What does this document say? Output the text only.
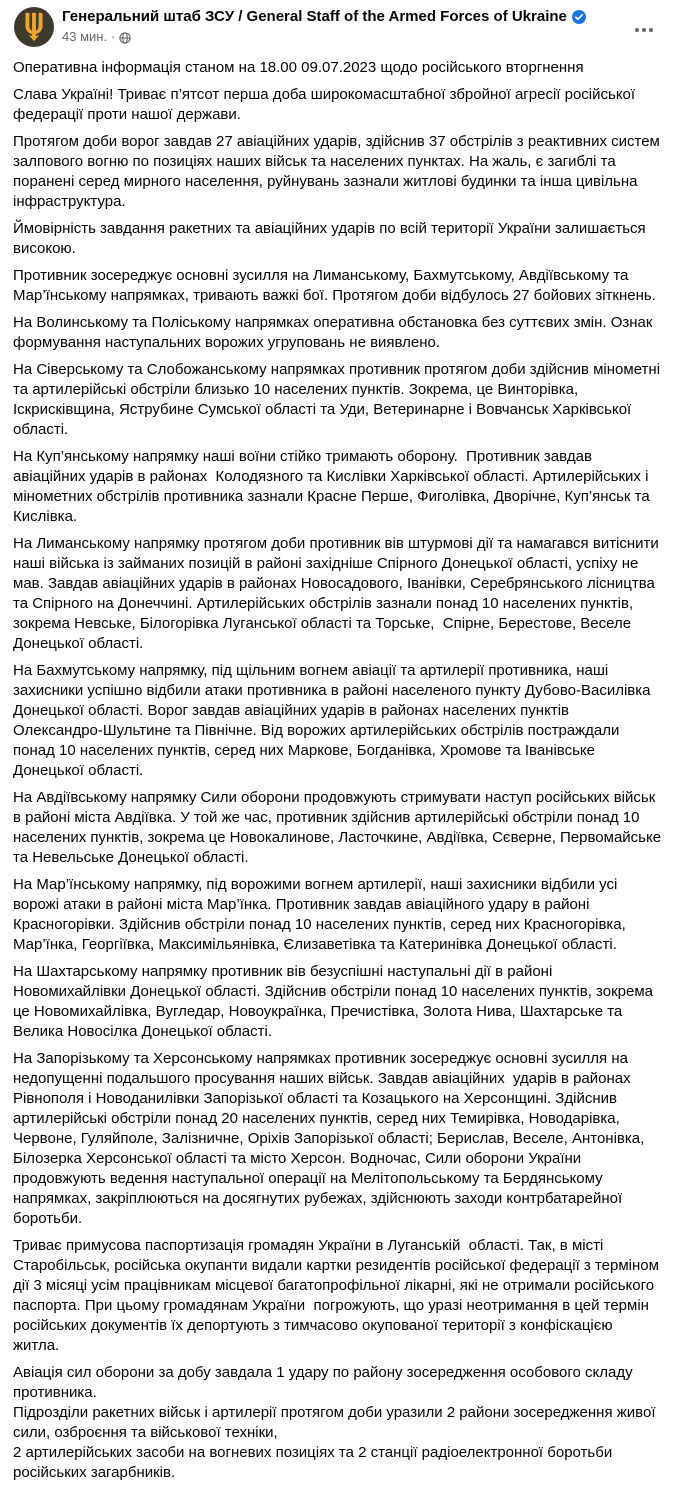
Генеральний штаб ЗСУ / General Staff of the Armed Forces of Ukraine
43 мин. ·

Оперативна інформація станом на 18.00 09.07.2023 щодо російського вторгнення

Слава Україні! Триває п’ятсот перша доба широкомасштабної збройної агресії російської федерації проти нашої держави.

Протягом доби ворог завдав 27 авіаційних ударів, здійснив 37 обстрілів з реактивних систем залпового вогню по позиціях наших військ та населених пунктах. На жаль, є загиблі та поранені серед мирного населення, руйнувань зазнали житлові будинки та інша цивільна інфраструктура.

Ймовірність завдання ракетних та авіаційних ударів по всій території України залишається високою.

Противник зосереджує основні зусилля на Лиманському, Бахмутському, Авдіївському та Мар’їнському напрямках, тривають важкі бої. Протягом доби відбулось 27 бойових зіткнень.

На Волинському та Поліському напрямках оперативна обстановка без суттєвих змін. Ознак формування наступальних ворожих угруповань не виявлено.

На Сіверському та Слобожанському напрямках противник протягом доби здійснив мінометні та артилерійські обстріли близько 10 населених пунктів. Зокрема, це Винторівка, Іскрисківщина, Яструбине Сумської області та Уди, Ветеринарне і Вовчанськ Харківської області.

На Куп’янському напрямку наші воїни стійко тримають оборону.  Противник завдав авіаційних ударів в районах  Колодязного та Кислівки Харківської області. Артилерійських і мінометних обстрілів противника зазнали Красне Перше, Фиголівка, Дворічне, Куп’янськ та Кислівка.

На Лиманському напрямку протягом доби противник вів штурмові дії та намагався витіснити наші війська із займаних позицій в районі західніше Спірного Донецької області, успіху не мав. Завдав авіаційних ударів в районах Новосадового, Іванівки, Серебрянського лісництва та Спірного на Донеччині. Артилерійських обстрілів зазнали понад 10 населених пунктів, зокрема Невське, Білогорівка Луганської області та Торське,  Спірне, Берестове, Веселе Донецької області.

На Бахмутському напрямку, під щільним вогнем авіації та артилерії противника, наші захисники успішно відбили атаки противника в районі населеного пункту Дубово-Василівка Донецької області. Ворог завдав авіаційних ударів в районах населених пунктів Олександро-Шультине та Північне. Від ворожих артилерійських обстрілів постраждали понад 10 населених пунктів, серед них Маркове, Богданівка, Хромове та Іванівське Донецької області.

На Авдіївському напрямку Сили оборони продовжують стримувати наступ російських військ в районі міста Авдіївка. У той же час, противник здійснив артилерійські обстріли понад 10 населених пунктів, зокрема це Новокалинове, Ласточкине, Авдіївка, Сєверне, Первомайське та Невельське Донецької області.

На Мар’їнському напрямку, під ворожими вогнем артилерії, наші захисники відбили усі ворожі атаки в районі міста Мар’їнка. Противник завдав авіаційного удару в районі Красногорівки. Здійснив обстріли понад 10 населених пунктів, серед них Красногорівка, Мар’їнка, Георгіївка, Максимільянівка, Єлизаветівка та Катеринівка Донецької області.

На Шахтарському напрямку противник вів безуспішні наступальні дії в районі Новомихайлівки Донецької області. Здійснив обстріли понад 10 населених пунктів, зокрема це Новомихайлівка, Вугледар, Новоукраїнка, Пречистівка, Золота Нива, Шахтарське та Велика Новосілка Донецької області.

На Запорізькому та Херсонському напрямках противник зосереджує основні зусилля на недопущенні подальшого просування наших військ. Завдав авіаційних  ударів в районах Рівнополя і Новоданилівки Запорізької області та Козацького на Херсонщині. Здійснив артилерійські обстріли понад 20 населених пунктів, серед них Темирівка, Новодарівка, Червоне, Гуляйполе, Залізничне, Оріхів Запорізької області; Берислав, Веселе, Антонівка, Білозерка Херсонської області та місто Херсон. Водночас, Сили оборони України продовжують ведення наступальної операції на Мелітопольському та Бердянському напрямках, закріплюються на досягнутих рубежах, здійснюють заходи контрбатарейної боротьби.

Триває примусова паспортизація громадян України в Луганській  області. Так, в місті Старобільськ, російська окупанти видали картки резидентів російської федерації з терміном дії 3 місяці усім працівникам місцевої багатопрофільної лікарні, які не отримали російського паспорта. При цьому громадянам України  погрожують, що уразі неотримання в цей термін російських документів їх депортують з тимчасово окупованої території з конфіскацією житла.

Авіація сил оборони за добу завдала 1 удару по району зосередження особового складу противника.
Підрозділи ракетних військ і артилерії протягом доби уразили 2 райони зосередження живої сили, озброєння та військової техніки,
2 артилерійських засоби на вогневих позиціях та 2 станції радіоелектронної боротьби російських загарбників.
